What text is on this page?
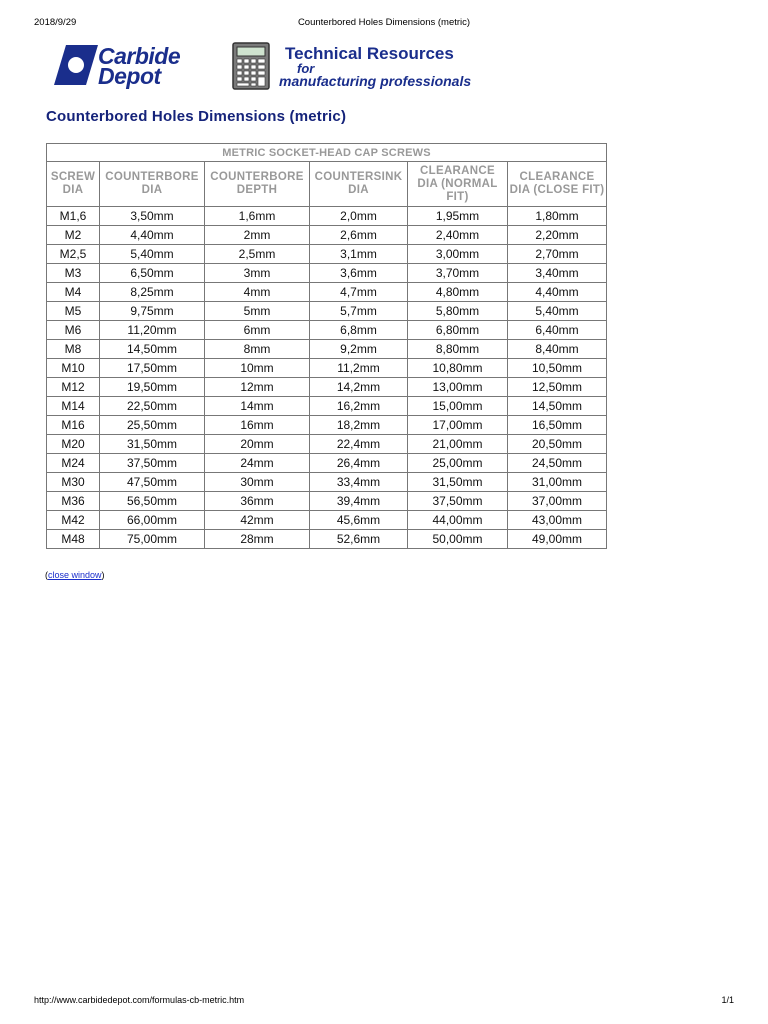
2018/9/29	Counterbored Holes Dimensions (metric)
Carbide
Depot
Technical Resources
for
manufacturing professionals
Counterbored Holes Dimensions (metric)
METRIC SOCKET-HEAD CAP SCREWS					
SCREW DIA	COUNTERBORE DIA	COUNTERBORE DEPTH	COUNTERSINK DIA	CLEARANCE DIA (NORMAL FIT)	CLEARANCE DIA (CLOSE FIT)
M1,6	3,50mm	1,6mm	2,0mm	1,95mm	1,80mm
M2	4,40mm	2mm	2,6mm	2,40mm	2,20mm
M2,5	5,40mm	2,5mm	3,1mm	3,00mm	2,70mm
M3	6,50mm	3mm	3,6mm	3,70mm	3,40mm
M4	8,25mm	4mm	4,7mm	4,80mm	4,40mm
M5	9,75mm	5mm	5,7mm	5,80mm	5,40mm
M6	11,20mm	6mm	6,8mm	6,80mm	6,40mm
M8	14,50mm	8mm	9,2mm	8,80mm	8,40mm
M10	17,50mm	10mm	11,2mm	10,80mm	10,50mm
M12	19,50mm	12mm	14,2mm	13,00mm	12,50mm
M14	22,50mm	14mm	16,2mm	15,00mm	14,50mm
M16	25,50mm	16mm	18,2mm	17,00mm	16,50mm
M20	31,50mm	20mm	22,4mm	21,00mm	20,50mm
M24	37,50mm	24mm	26,4mm	25,00mm	24,50mm
M30	47,50mm	30mm	33,4mm	31,50mm	31,00mm
M36	56,50mm	36mm	39,4mm	37,50mm	37,00mm
M42	66,00mm	42mm	45,6mm	44,00mm	43,00mm
M48	75,00mm	28mm	52,6mm	50,00mm	49,00mm
(close window)
http://www.carbidedepot.com/formulas-cb-metric.htm	1/1
